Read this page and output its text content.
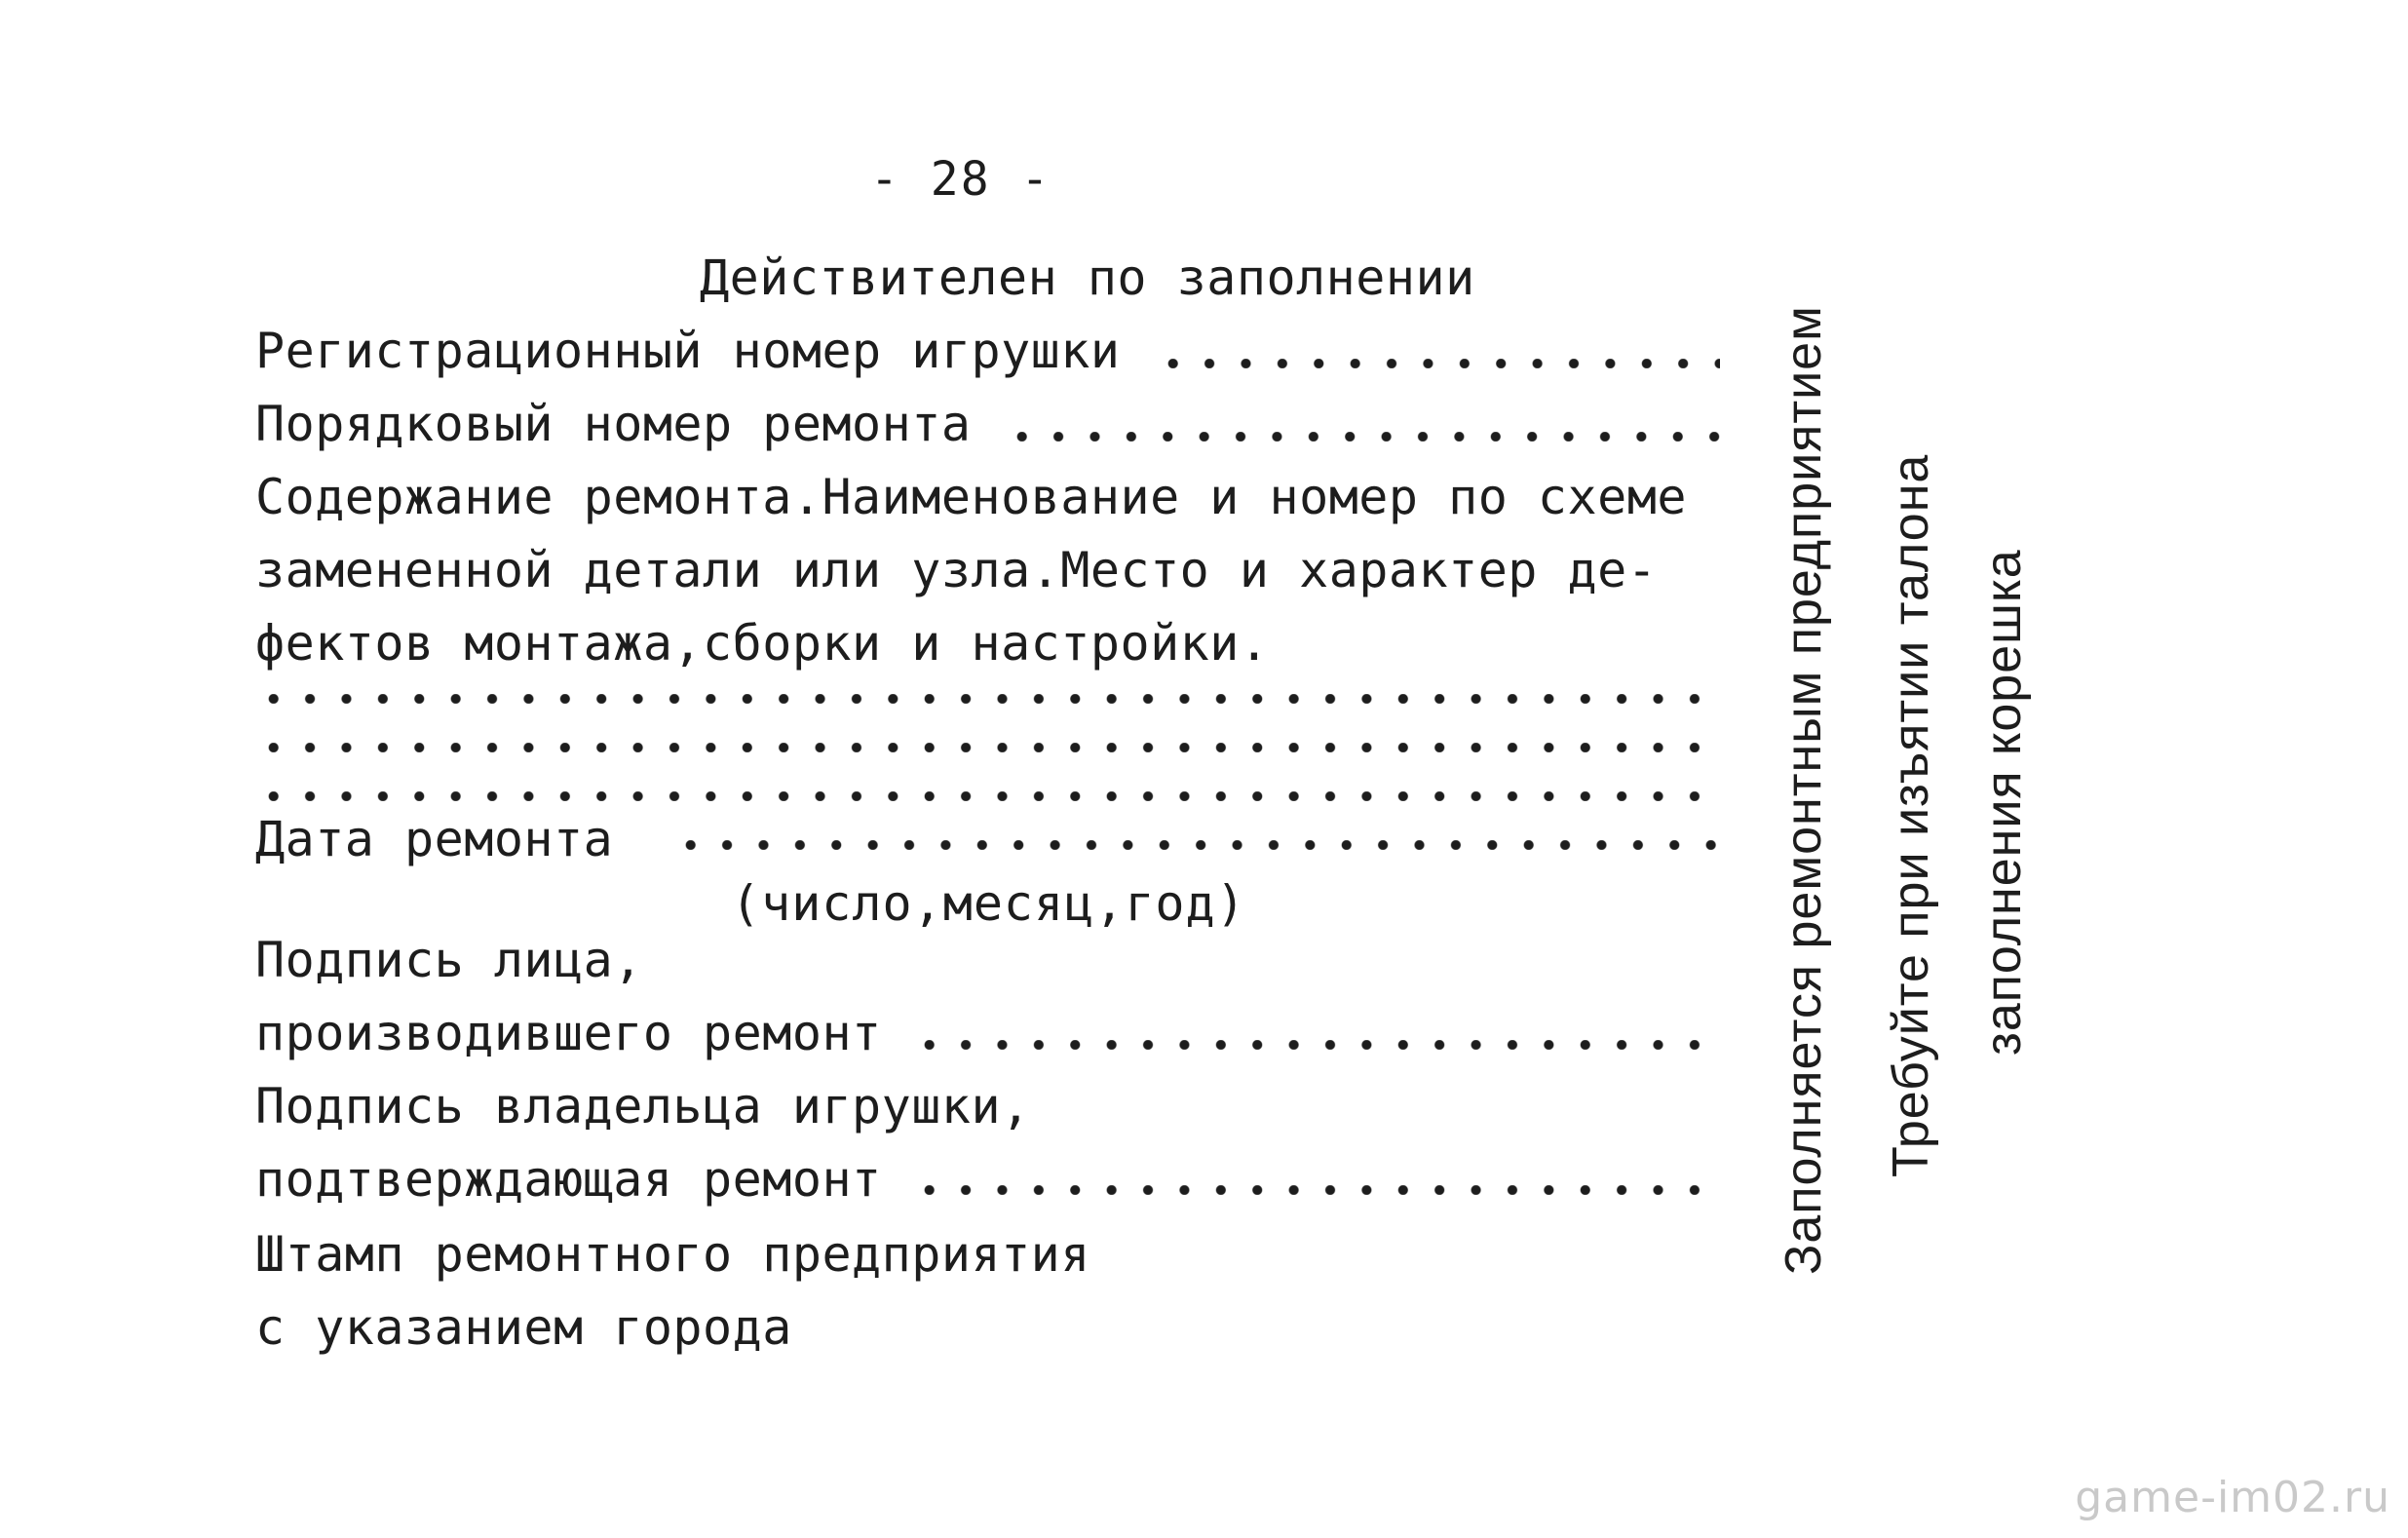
- 28 -
Действителен по заполнении
Регистрационный номер игрушки
Порядковый номер ремонта
Содержание ремонта.Наименование и номер по схеме
замененной детали или узла.Место и характер де-
фектов монтажа,сборки и настройки.
Дата ремонта
(число,месяц,год)
Подпись лица,
производившего ремонт
Подпись владельца игрушки,
подтверждающая ремонт
Штамп ремонтного предприятия
с указанием города
Заполняется ремонтным предприятием Требуйте при изъятии талона заполнения корешка
game-im02.ru
